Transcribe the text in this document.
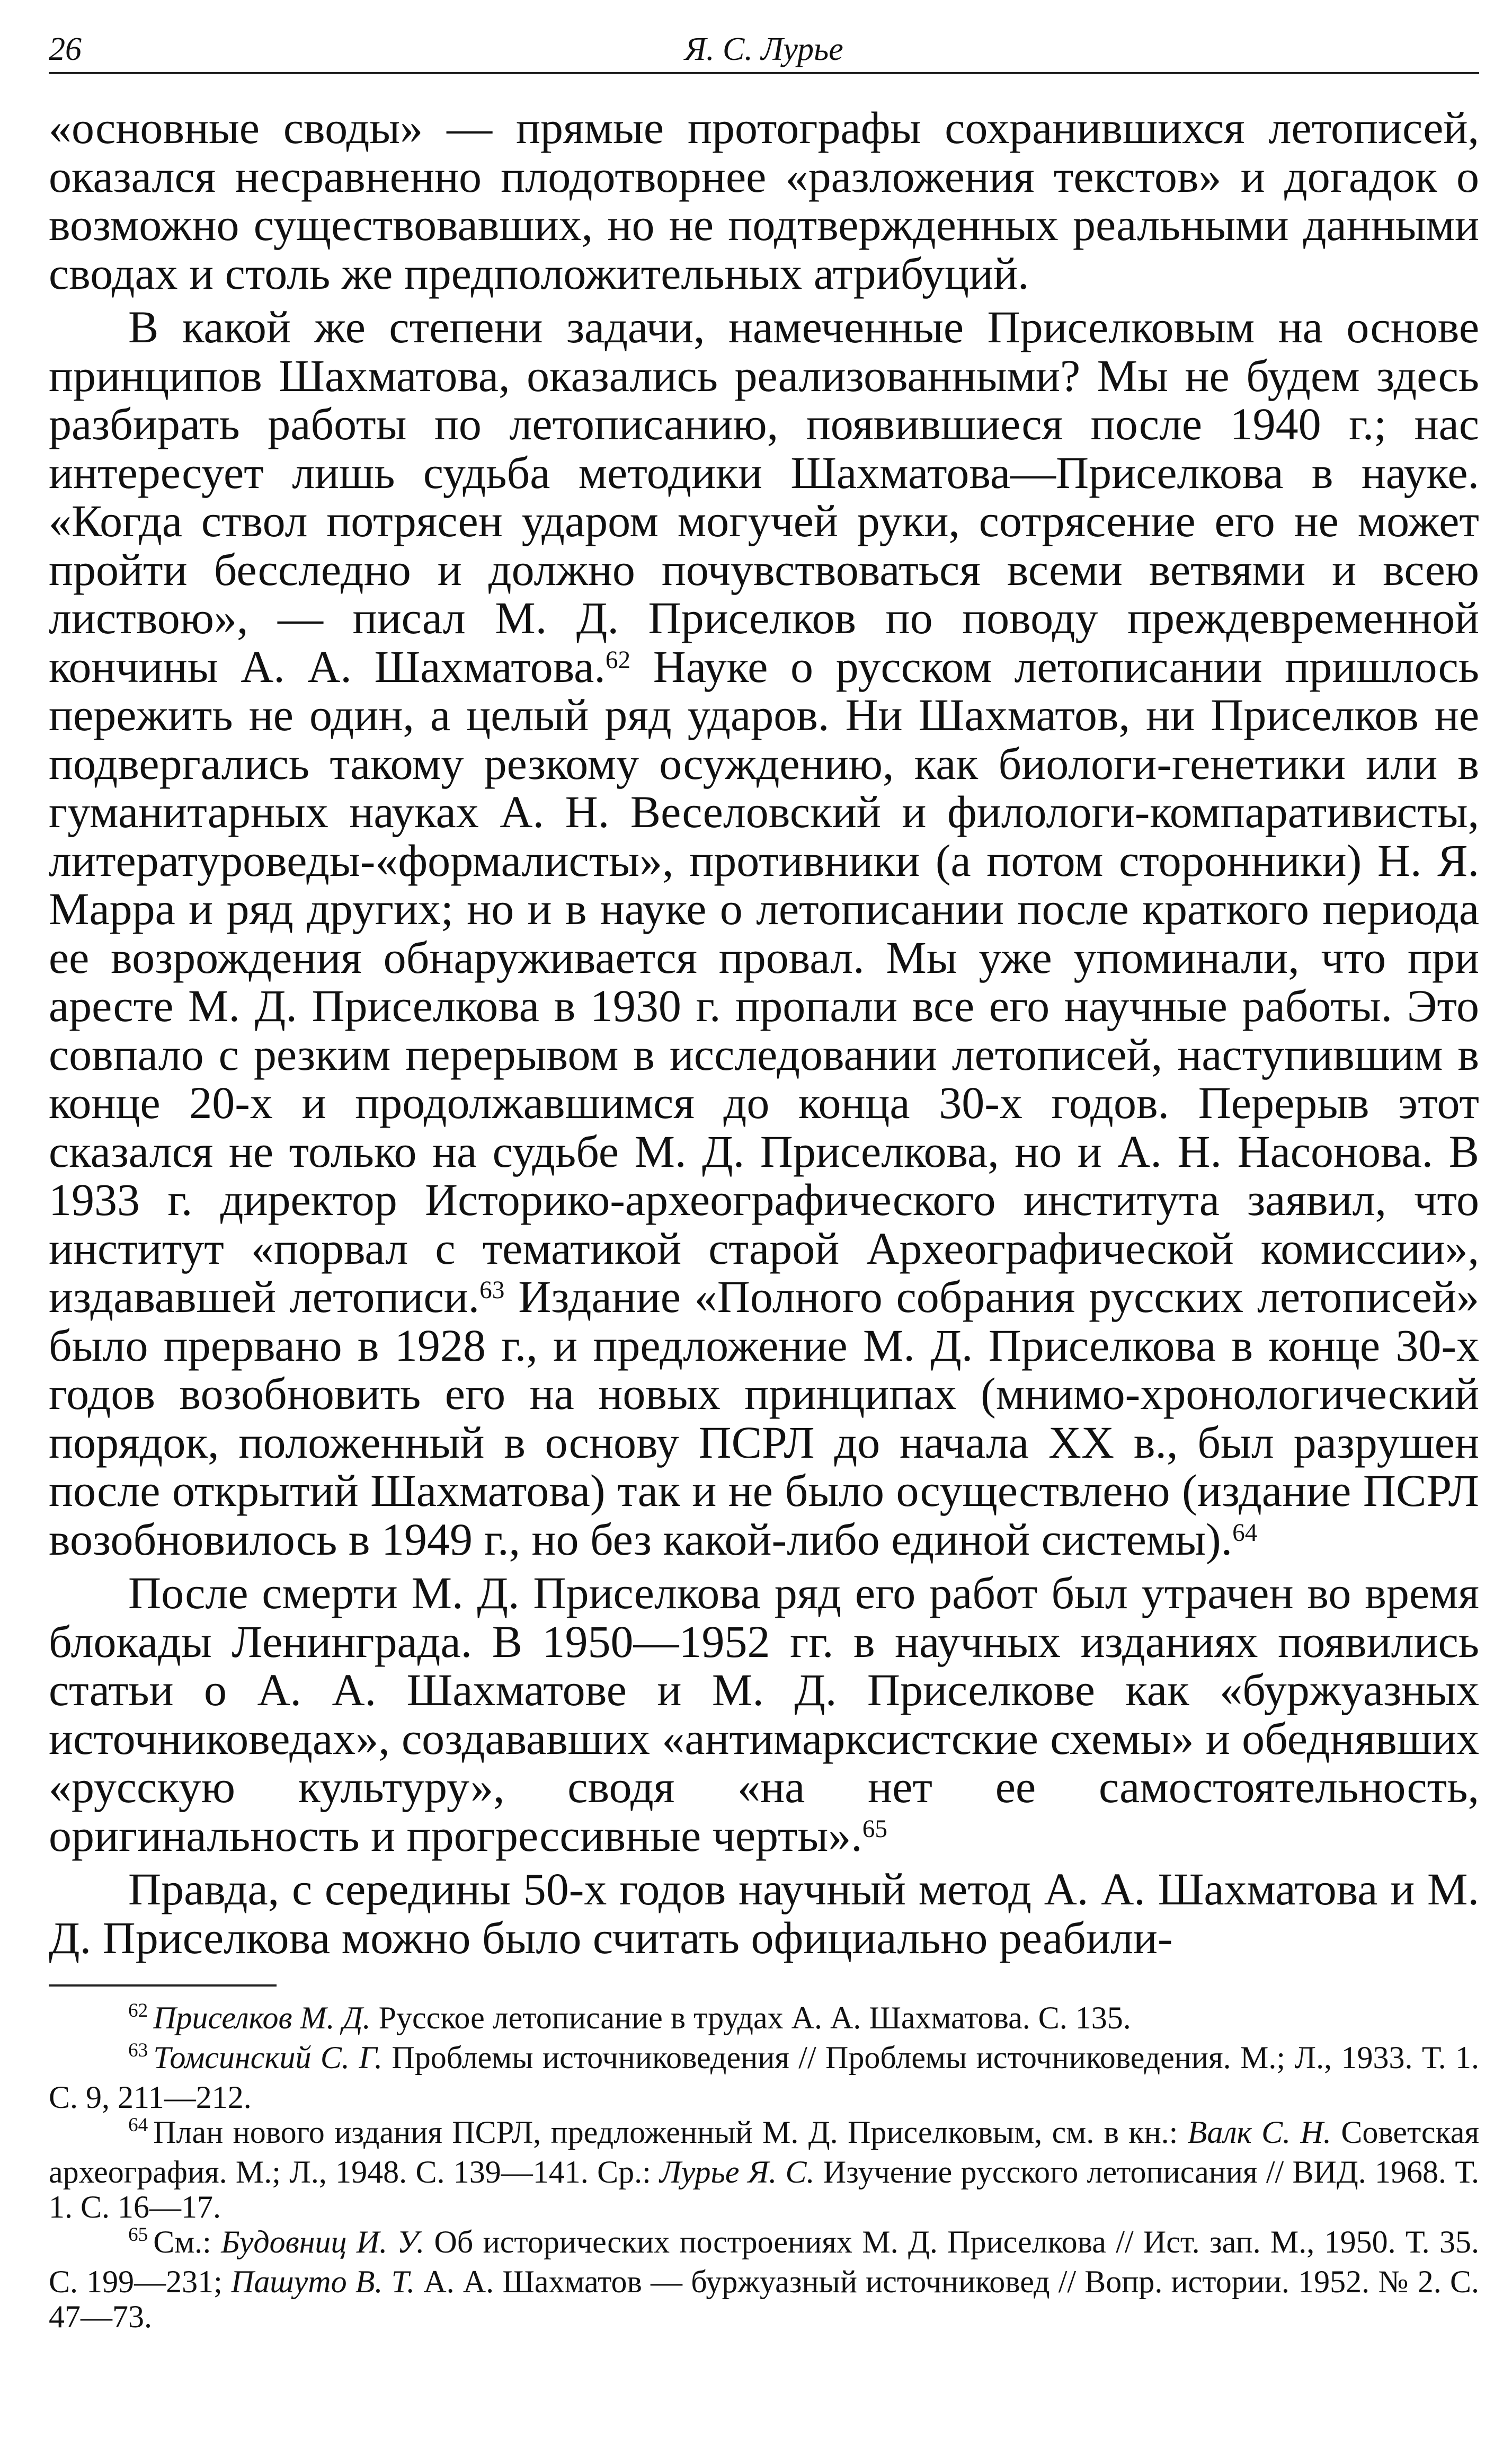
26	Я. С. Лурье

«основные своды» — прямые протографы сохранившихся летописей, оказался несравненно плодотворнее «разложения текстов» и догадок о возможно существовавших, но не подтвержденных реальными данными сводах и столь же предположительных атрибуций.

В какой же степени задачи, намеченные Приселковым на основе принципов Шахматова, оказались реализованными? Мы не будем здесь разбирать работы по летописанию, появившиеся после 1940 г.; нас интересует лишь судьба методики Шахматова—Приселкова в науке. «Когда ствол потрясен ударом могучей руки, сотрясение его не может пройти бесследно и должно почувствоваться всеми ветвями и всею листвою», — писал М. Д. Приселков по поводу преждевременной кончины А. А. Шахматова.$^{62}$ Науке о русском летописании пришлось пережить не один, а целый ряд ударов. Ни Шахматов, ни Приселков не подвергались такому резкому осуждению, как биологи-генетики или в гуманитарных науках А. Н. Веселовский и филологи-компаративисты, литературоведы-«формалисты», противники (а потом сторонники) Н. Я. Марра и ряд других; но и в науке о летописании после краткого периода ее возрождения обнаруживается провал. Мы уже упоминали, что при аресте М. Д. Приселкова в 1930 г. пропали все его научные работы. Это совпало с резким перерывом в исследовании летописей, наступившим в конце 20-х и продолжавшимся до конца 30-х годов. Перерыв этот сказался не только на судьбе М. Д. Приселкова, но и А. Н. Насонова. В 1933 г. директор Историко-археографического института заявил, что институт «порвал с тематикой старой Археографической комиссии», издававшей летописи.$^{63}$ Издание «Полного собрания русских летописей» было прервано в 1928 г., и предложение М. Д. Приселкова в конце 30-х годов возобновить его на новых принципах (мнимо-хронологический порядок, положенный в основу ПСРЛ до начала XX в., был разрушен после открытий Шахматова) так и не было осуществлено (издание ПСРЛ возобновилось в 1949 г., но без какой-либо единой системы).$^{64}$

После смерти М. Д. Приселкова ряд его работ был утрачен во время блокады Ленинграда. В 1950—1952 гг. в научных изданиях появились статьи о А. А. Шахматове и М. Д. Приселкове как «буржуазных источниковедах», создававших «антимарксистские схемы» и обеднявших «русскую культуру», сводя «на нет ее самостоятельность, оригинальность и прогрессивные черты».$^{65}$

Правда, с середины 50-х годов научный метод А. А. Шахматова и М. Д. Приселкова можно было считать официально реабили-

$^{62}$ Приселков М. Д. Русское летописание в трудах А. А. Шахматова. С. 135.

$^{63}$ Томсинский С. Г. Проблемы источниковедения // Проблемы источниковедения. М.; Л., 1933. Т. 1. С. 9, 211—212.

$^{64}$ План нового издания ПСРЛ, предложенный М. Д. Приселковым, см. в кн.: Валк С. Н. Советская археография. М.; Л., 1948. С. 139—141. Ср.: Лурье Я. С. Изучение русского летописания // ВИД. 1968. Т. 1. С. 16—17.

$^{65}$ См.: Будовниц И. У. Об исторических построениях М. Д. Приселкова // Ист. зап. М., 1950. Т. 35. С. 199—231; Пашуто В. Т. А. А. Шахматов — буржуазный источниковед // Вопр. истории. 1952. № 2. С. 47—73.
